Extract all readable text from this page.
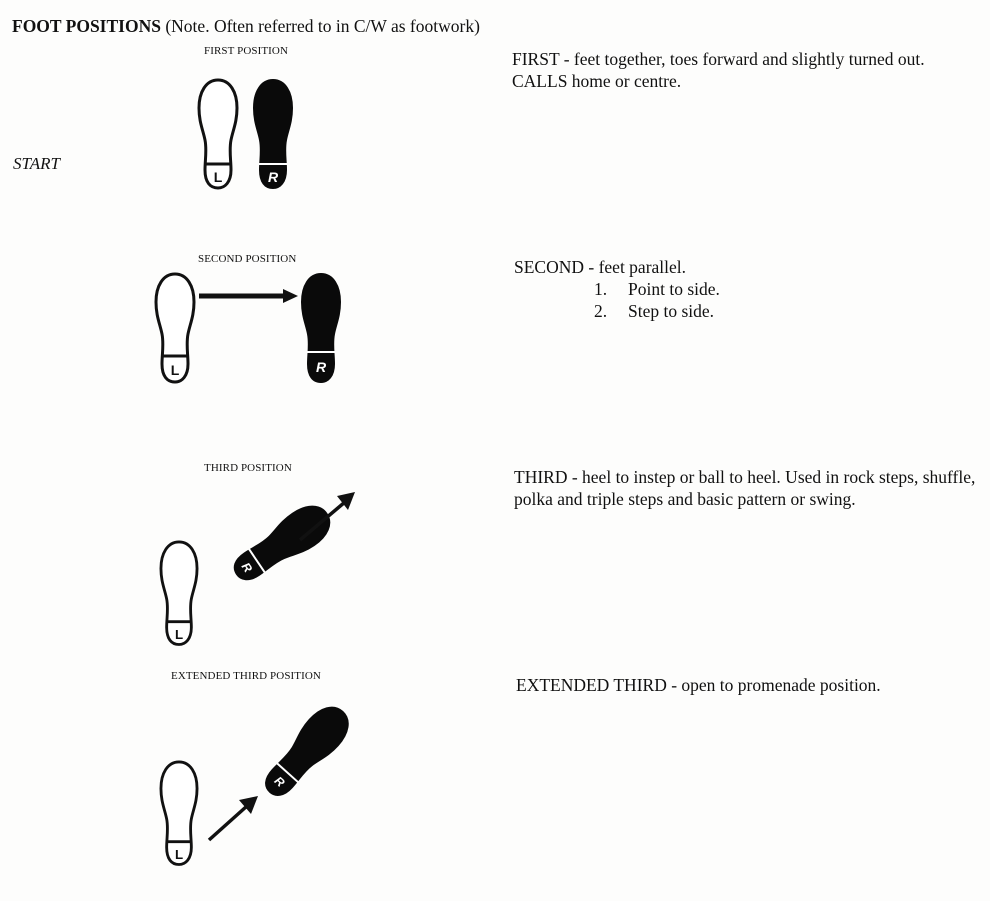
FOOT POSITIONS (Note. Often referred to in C/W as footwork)
START
FIRST POSITION
L	R
FIRST - feet together, toes forward and slightly turned out. CALLS home or centre.
SECOND POSITION
L	R
SECOND - feet parallel.
1. Point to side.
2. Step to side.
THIRD POSITION
L
R
THIRD - heel to instep or ball to heel. Used in rock steps, shuffle, polka and triple steps and basic pattern or swing.
EXTENDED THIRD POSITION
L
R
EXTENDED THIRD - open to promenade position.
